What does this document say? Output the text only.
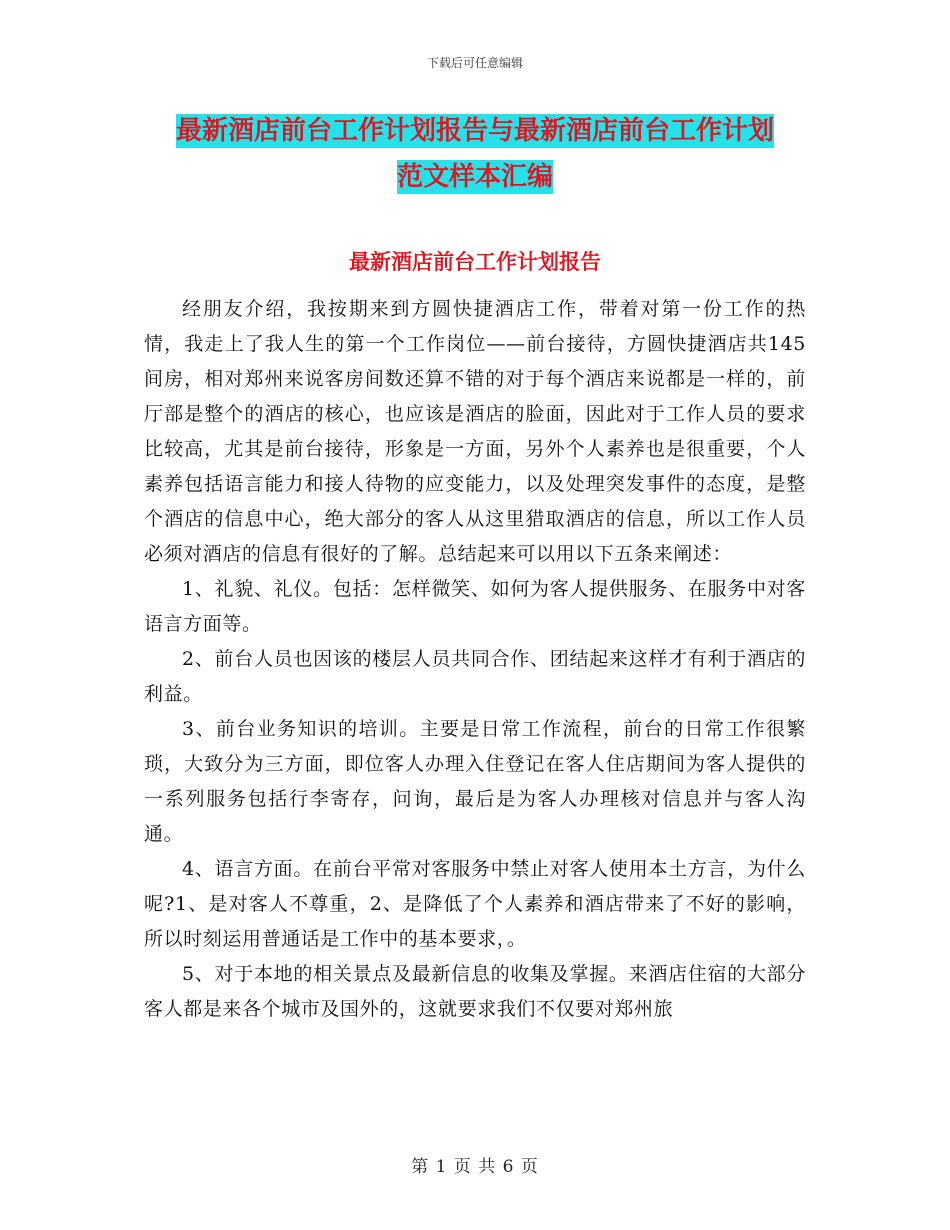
下载后可任意编辑
最新酒店前台工作计划报告与最新酒店前台工作计划
范文样本汇编
最新酒店前台工作计划报告

经朋友介绍，我按期来到方圆快捷酒店工作，带着对第一份工作的热情，我走上了我人生的第一个工作岗位——前台接待，方圆快捷酒店共145间房，相对郑州来说客房间数还算不错的对于每个酒店来说都是一样的，前厅部是整个的酒店的核心，也应该是酒店的脸面，因此对于工作人员的要求比较高，尤其是前台接待，形象是一方面，另外个人素养也是很重要，个人素养包括语言能力和接人待物的应变能力，以及处理突发事件的态度，是整个酒店的信息中心，绝大部分的客人从这里猎取酒店的信息，所以工作人员必须对酒店的信息有很好的了解。总结起来可以用以下五条来阐述：

1、礼貌、礼仪。包括：怎样微笑、如何为客人提供服务、在服务中对客语言方面等。

2、前台人员也因该的楼层人员共同合作、团结起来这样才有利于酒店的利益。

3、前台业务知识的培训。主要是日常工作流程，前台的日常工作很繁琐，大致分为三方面，即位客人办理入住登记在客人住店期间为客人提供的一系列服务包括行李寄存，问询，最后是为客人办理核对信息并与客人沟通。

4、语言方面。在前台平常对客服务中禁止对客人使用本土方言，为什么呢?1、是对客人不尊重，2、是降低了个人素养和酒店带来了不好的影响，所以时刻运用普通话是工作中的基本要求，。

5、对于本地的相关景点及最新信息的收集及掌握。来酒店住宿的大部分客人都是来各个城市及国外的，这就要求我们不仅要对郑州旅

第 1 页 共 6 页
